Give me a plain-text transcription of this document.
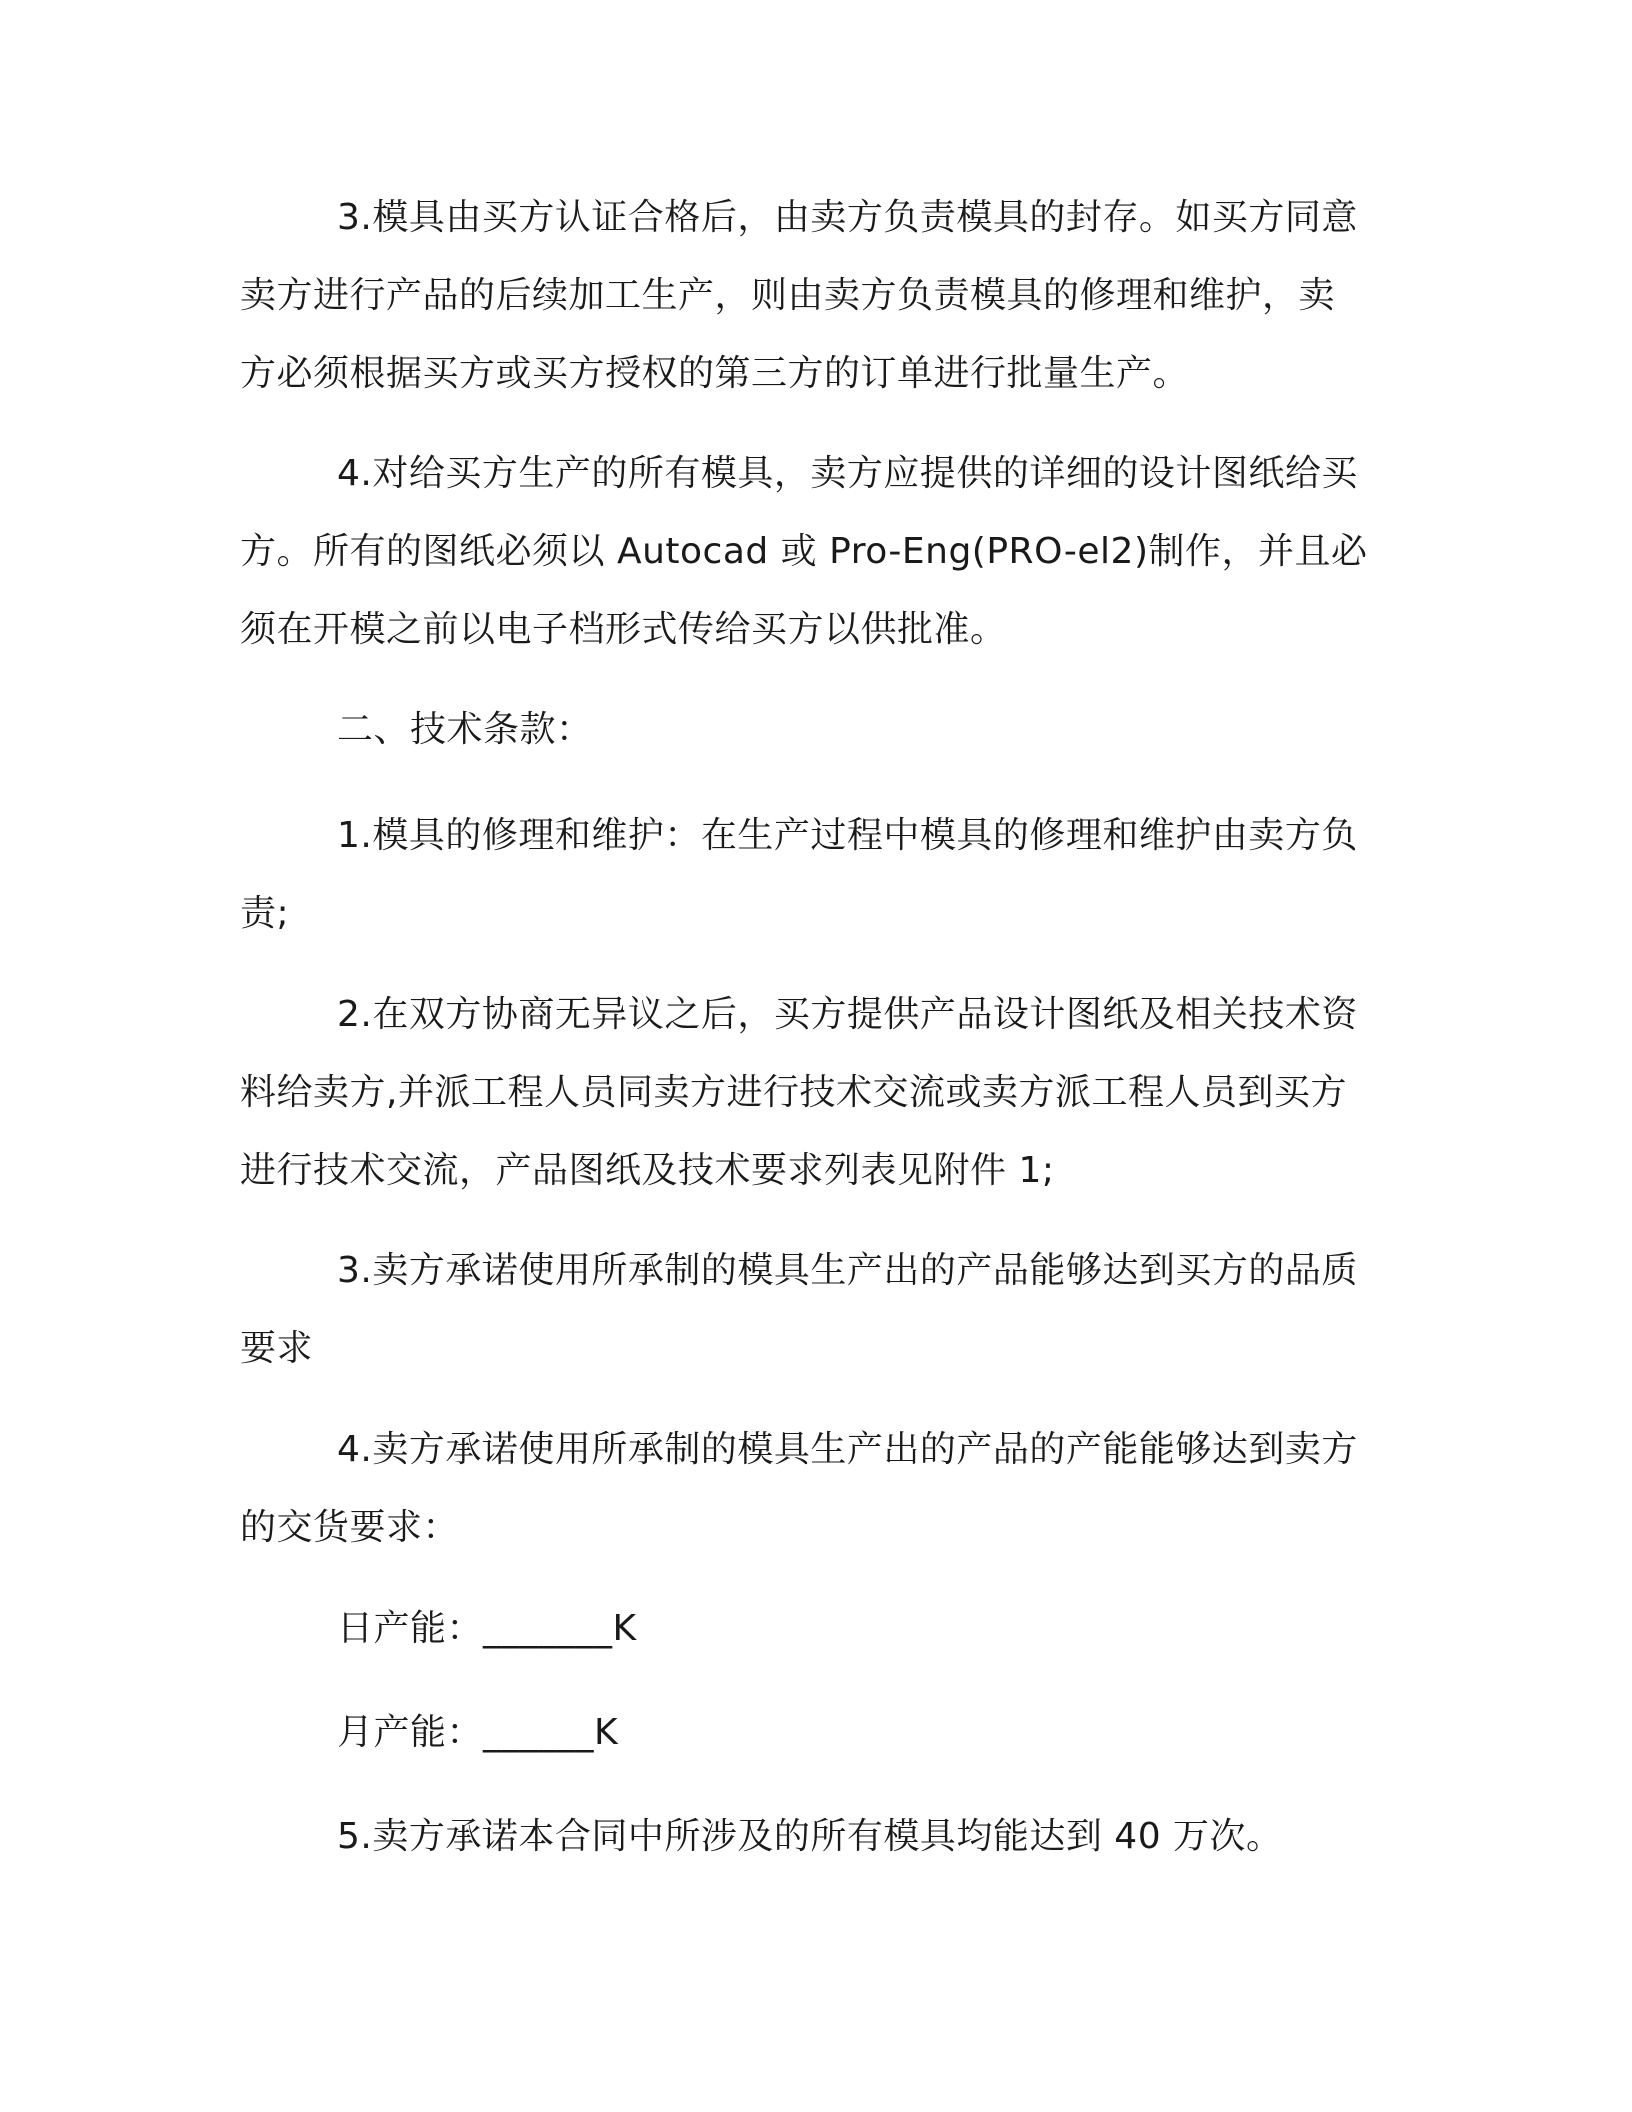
3.模具由买方认证合格后，由卖方负责模具的封存。如买方同意卖方进行产品的后续加工生产，则由卖方负责模具的修理和维护，卖方必须根据买方或买方授权的第三方的订单进行批量生产。

4.对给买方生产的所有模具，卖方应提供的详细的设计图纸给买方。所有的图纸必须以 Autocad 或 Pro-Eng(PRO-el2)制作，并且必须在开模之前以电子档形式传给买方以供批准。

二、技术条款：

1.模具的修理和维护：在生产过程中模具的修理和维护由卖方负责;

2.在双方协商无异议之后，买方提供产品设计图纸及相关技术资料给卖方,并派工程人员同卖方进行技术交流或卖方派工程人员到买方进行技术交流，产品图纸及技术要求列表见附件 1;

3.卖方承诺使用所承制的模具生产出的产品能够达到买方的品质要求

4.卖方承诺使用所承制的模具生产出的产品的产能能够达到卖方的交货要求：

日产能：_______K

月产能：______K

5.卖方承诺本合同中所涉及的所有模具均能达到 40 万次。
